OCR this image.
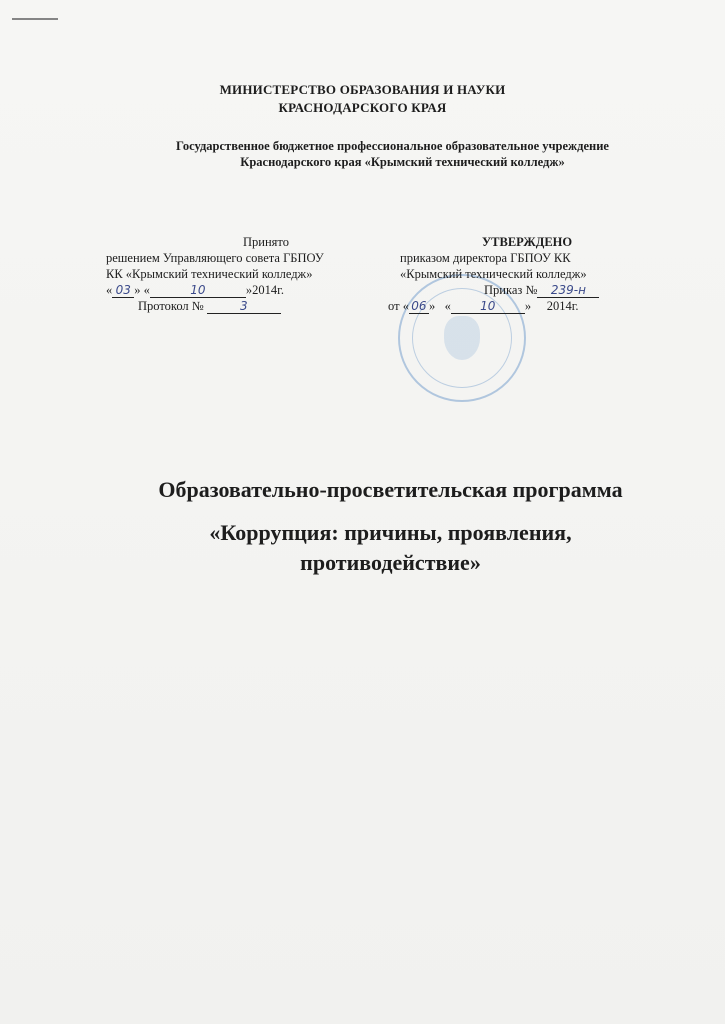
МИНИСТЕРСТВО ОБРАЗОВАНИЯ И НАУКИ
КРАСНОДАРСКОГО КРАЯ
Государственное бюджетное профессиональное образовательное учреждение
Краснодарского края «Крымский технический колледж»
Принято
решением Управляющего совета ГБПОУ
КК «Крымский технический колледж»
« 03 » «	10	»2014г.
Протокол №	3
УТВЕРЖДЕНО
приказом директора ГБПОУ КК
«Крымский технический колледж»
Приказ № 239-н
от « 06 » « 10 » 2014г.
Образовательно-просветительская программа
«Коррупция: причины, проявления,
противодействие»
